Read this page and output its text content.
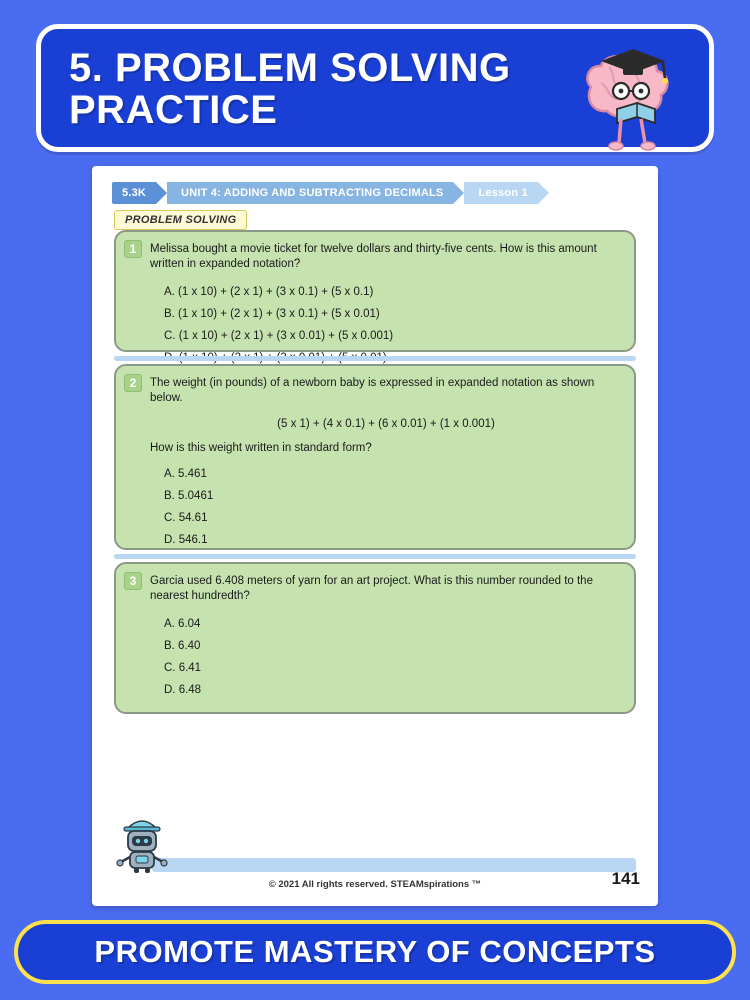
5. PROBLEM SOLVING PRACTICE
5.3K	UNIT 4: ADDING AND SUBTRACTING DECIMALS	Lesson 1
PROBLEM SOLVING
1	Melissa bought a movie ticket for twelve dollars and thirty-five cents. How is this amount written in expanded notation?
A. (1 x 10) + (2 x 1) + (3 x 0.1) + (5 x 0.1)
B. (1 x 10) + (2 x 1) + (3 x 0.1) + (5 x 0.01)
C. (1 x 10) + (2 x 1) + (3 x 0.01) + (5 x 0.001)
2	The weight (in pounds) of a newborn baby is expressed in expanded notation as shown below.
(5 x 1) + (4 x 0.1) + (6 x 0.01) + (1 x 0.001)
How is this weight written in standard form?
A. 5.461
B. 5.0461
C. 54.61
D. 546.1
3	Garcia used 6.408 meters of yarn for an art project. What is this number rounded to the nearest hundredth?
A. 6.04
B. 6.40
C. 6.41
D. 6.48
© 2021 All rights reserved. STEAMspirations ™	141
PROMOTE MASTERY OF CONCEPTS
